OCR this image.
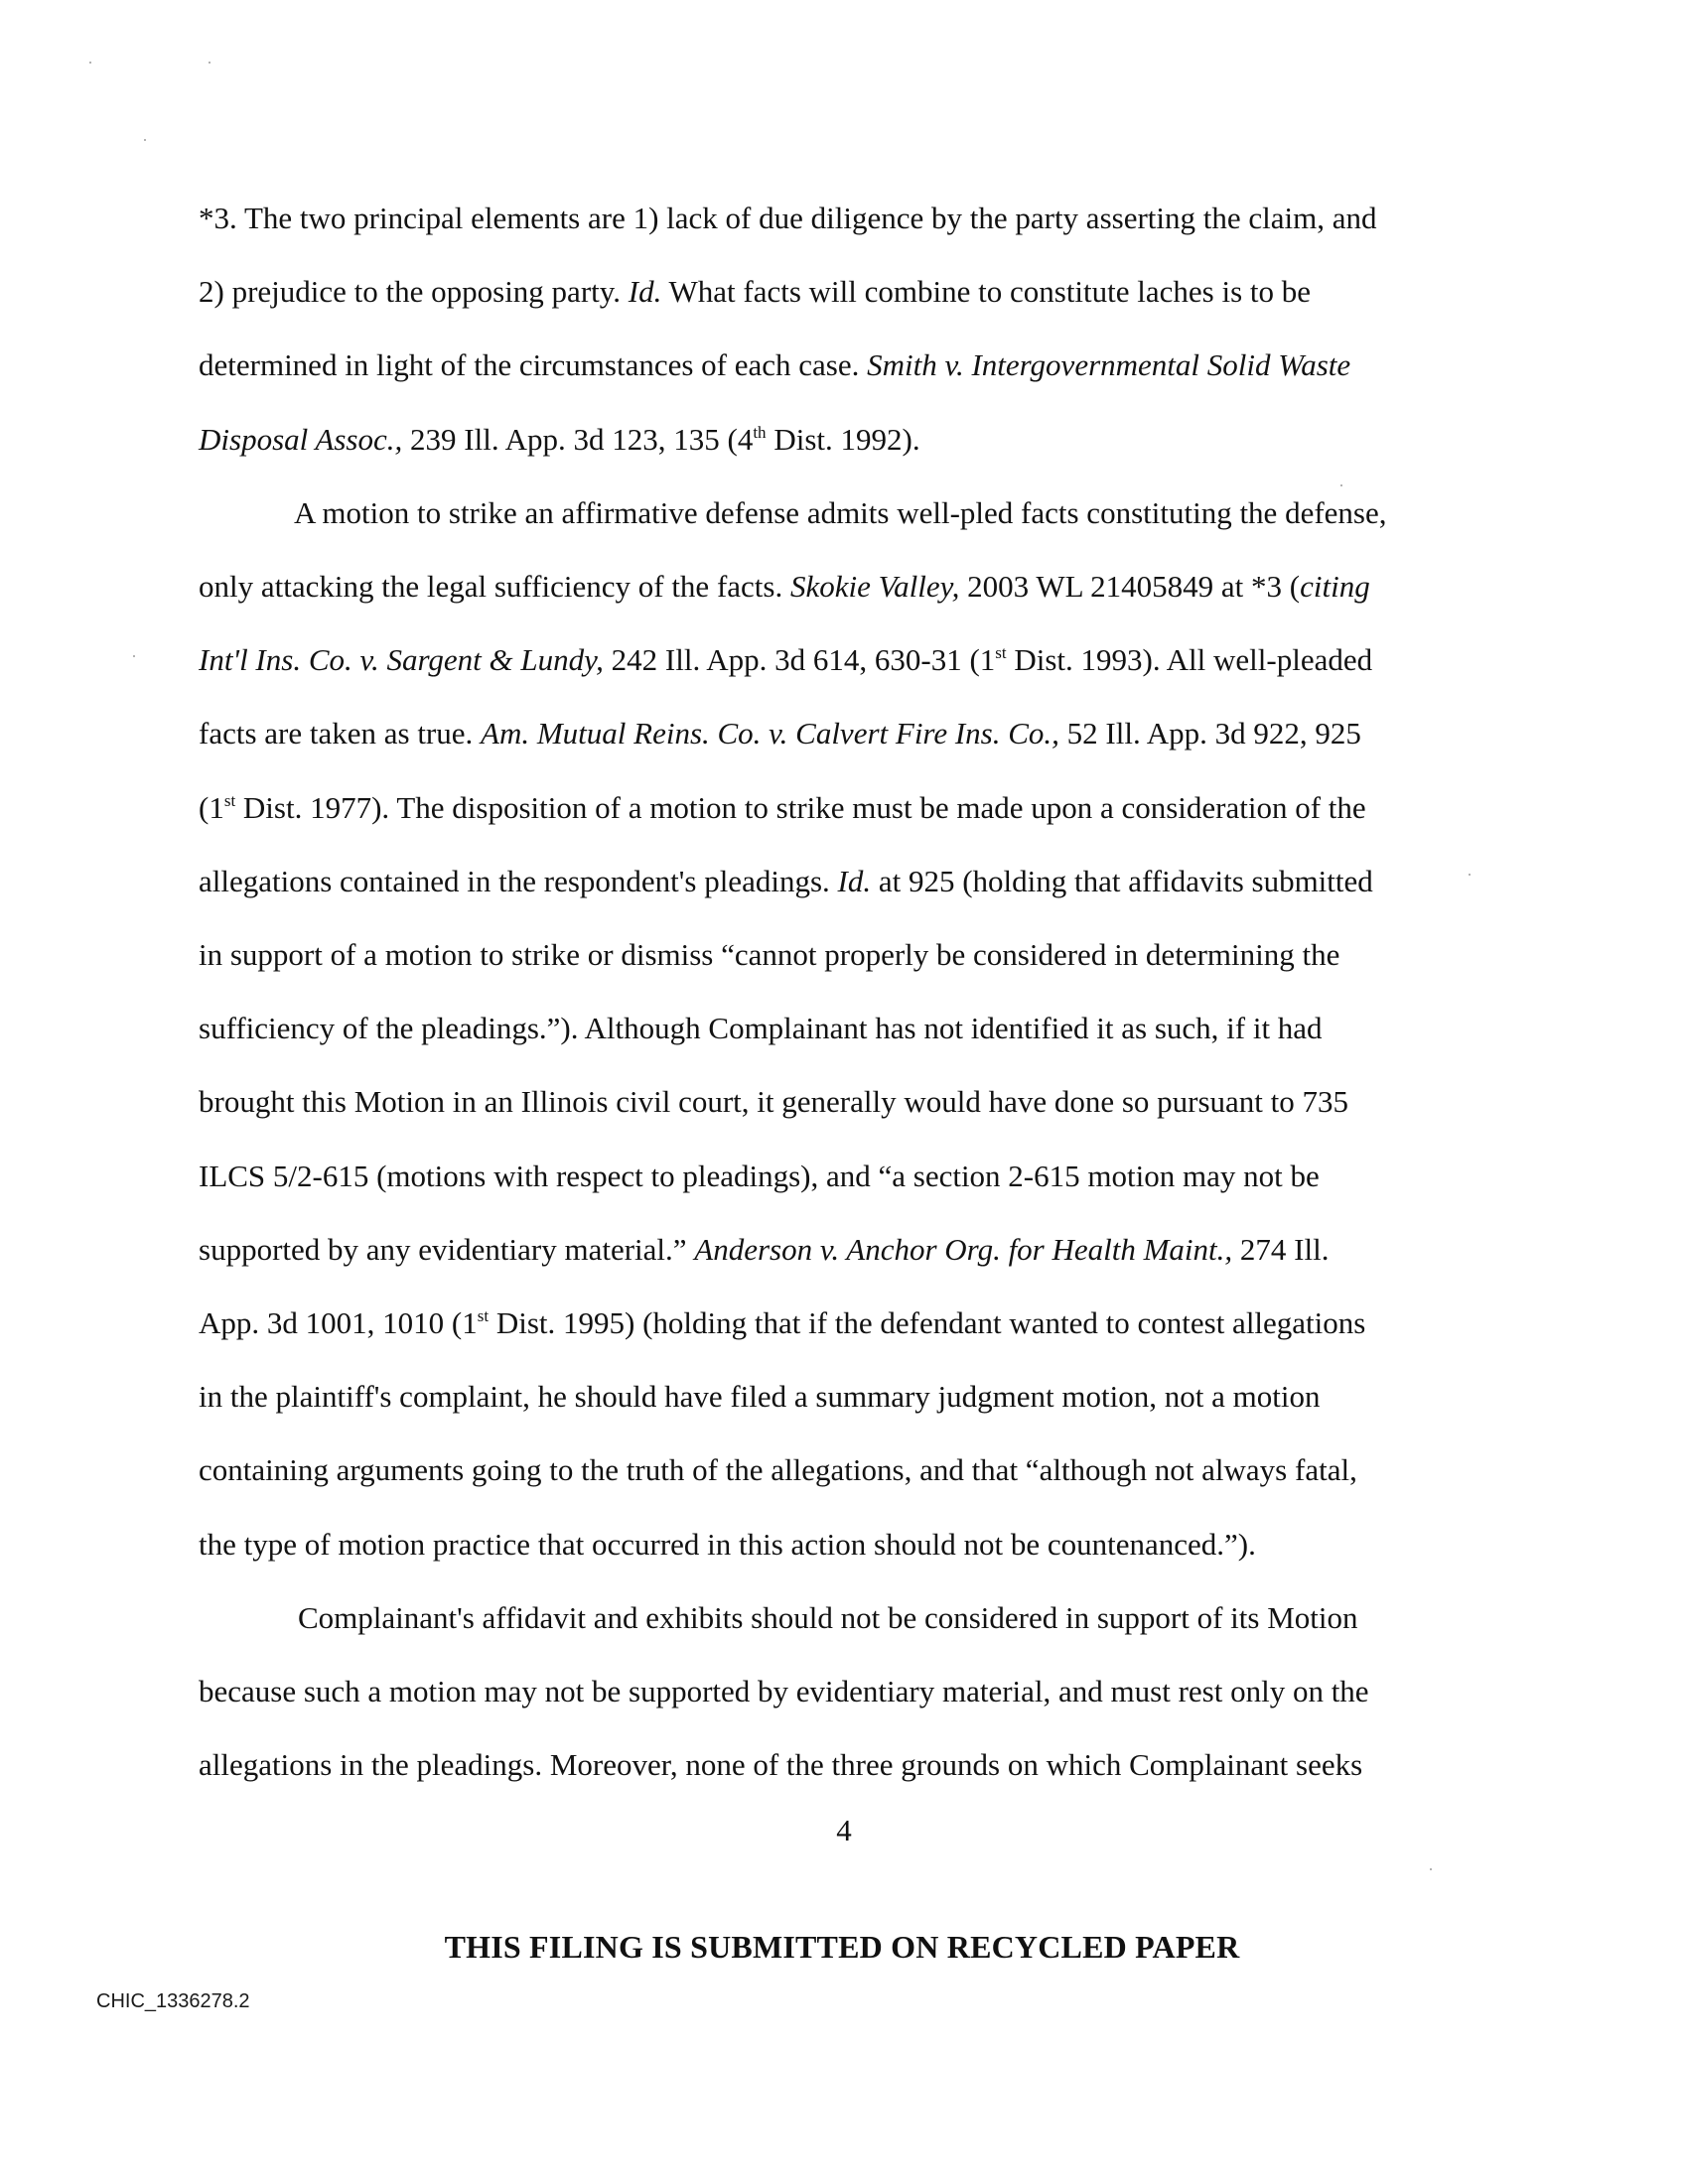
*3. The two principal elements are 1) lack of due diligence by the party asserting the claim, and
2) prejudice to the opposing party. Id. What facts will combine to constitute laches is to be
determined in light of the circumstances of each case. Smith v. Intergovernmental Solid Waste
Disposal Assoc., 239 Ill. App. 3d 123, 135 (4th Dist. 1992).
A motion to strike an affirmative defense admits well-pled facts constituting the defense,
only attacking the legal sufficiency of the facts. Skokie Valley, 2003 WL 21405849 at *3 (citing
Int'l Ins. Co. v. Sargent & Lundy, 242 Ill. App. 3d 614, 630-31 (1st Dist. 1993). All well-pleaded
facts are taken as true. Am. Mutual Reins. Co. v. Calvert Fire Ins. Co., 52 Ill. App. 3d 922, 925
(1st Dist. 1977). The disposition of a motion to strike must be made upon a consideration of the
allegations contained in the respondent's pleadings. Id. at 925 (holding that affidavits submitted
in support of a motion to strike or dismiss “cannot properly be considered in determining the
sufficiency of the pleadings.”). Although Complainant has not identified it as such, if it had
brought this Motion in an Illinois civil court, it generally would have done so pursuant to 735
ILCS 5/2-615 (motions with respect to pleadings), and “a section 2-615 motion may not be
supported by any evidentiary material.” Anderson v. Anchor Org. for Health Maint., 274 Ill.
App. 3d 1001, 1010 (1st Dist. 1995) (holding that if the defendant wanted to contest allegations
in the plaintiff's complaint, he should have filed a summary judgment motion, not a motion
containing arguments going to the truth of the allegations, and that “although not always fatal,
the type of motion practice that occurred in this action should not be countenanced.”).
Complainant's affidavit and exhibits should not be considered in support of its Motion
because such a motion may not be supported by evidentiary material, and must rest only on the
allegations in the pleadings. Moreover, none of the three grounds on which Complainant seeks
4
THIS FILING IS SUBMITTED ON RECYCLED PAPER
CHIC_1336278.2
